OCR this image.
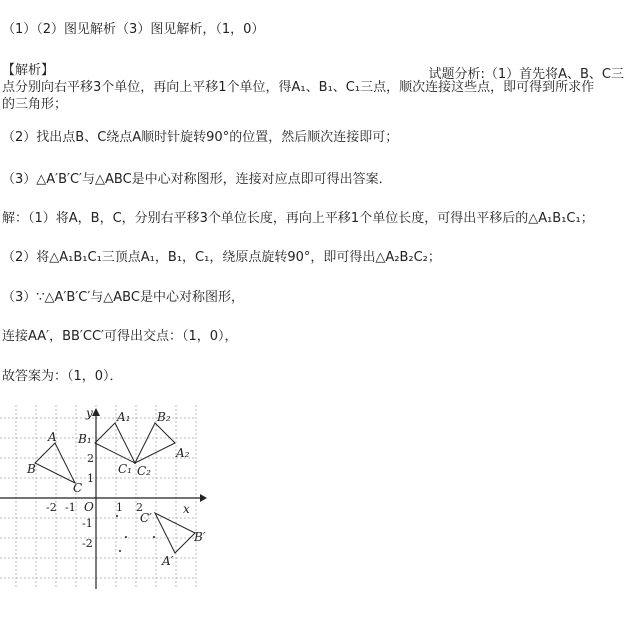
（1）（2）图见解析（3）图见解析，（1，0）
【解析】	试题分析:（1）首先将A、B、C三
点分别向右平移3个单位，再向上平移1个单位，得A₁、B₁、C₁三点，顺次连接这些点，即可得到所求作
的三角形；
（2）找出点B、C绕点A顺时针旋转90°的位置，然后顺次连接即可；
（3）△A′B′C′与△ABC是中心对称图形，连接对应点即可得出答案．
解：（1）将A，B，C，分别右平移3个单位长度，再向上平移1个单位长度，可得出平移后的△A₁B₁C₁；
（2）将△A₁B₁C₁三顶点A₁，B₁，C₁，绕原点旋转90°，即可得出△A₂B₂C₂；
（3）∵△A′B′C′与△ABC是中心对称图形，
连接AA′，BB′CC′可得出交点：（1，0），
故答案为：（1，0）．
y
x
O
-2 -1	1 2
1
2
-1
-2
A
B
C
A₁
B₁
C₁
A₂
B₂
C₂
A′
B′
C′
